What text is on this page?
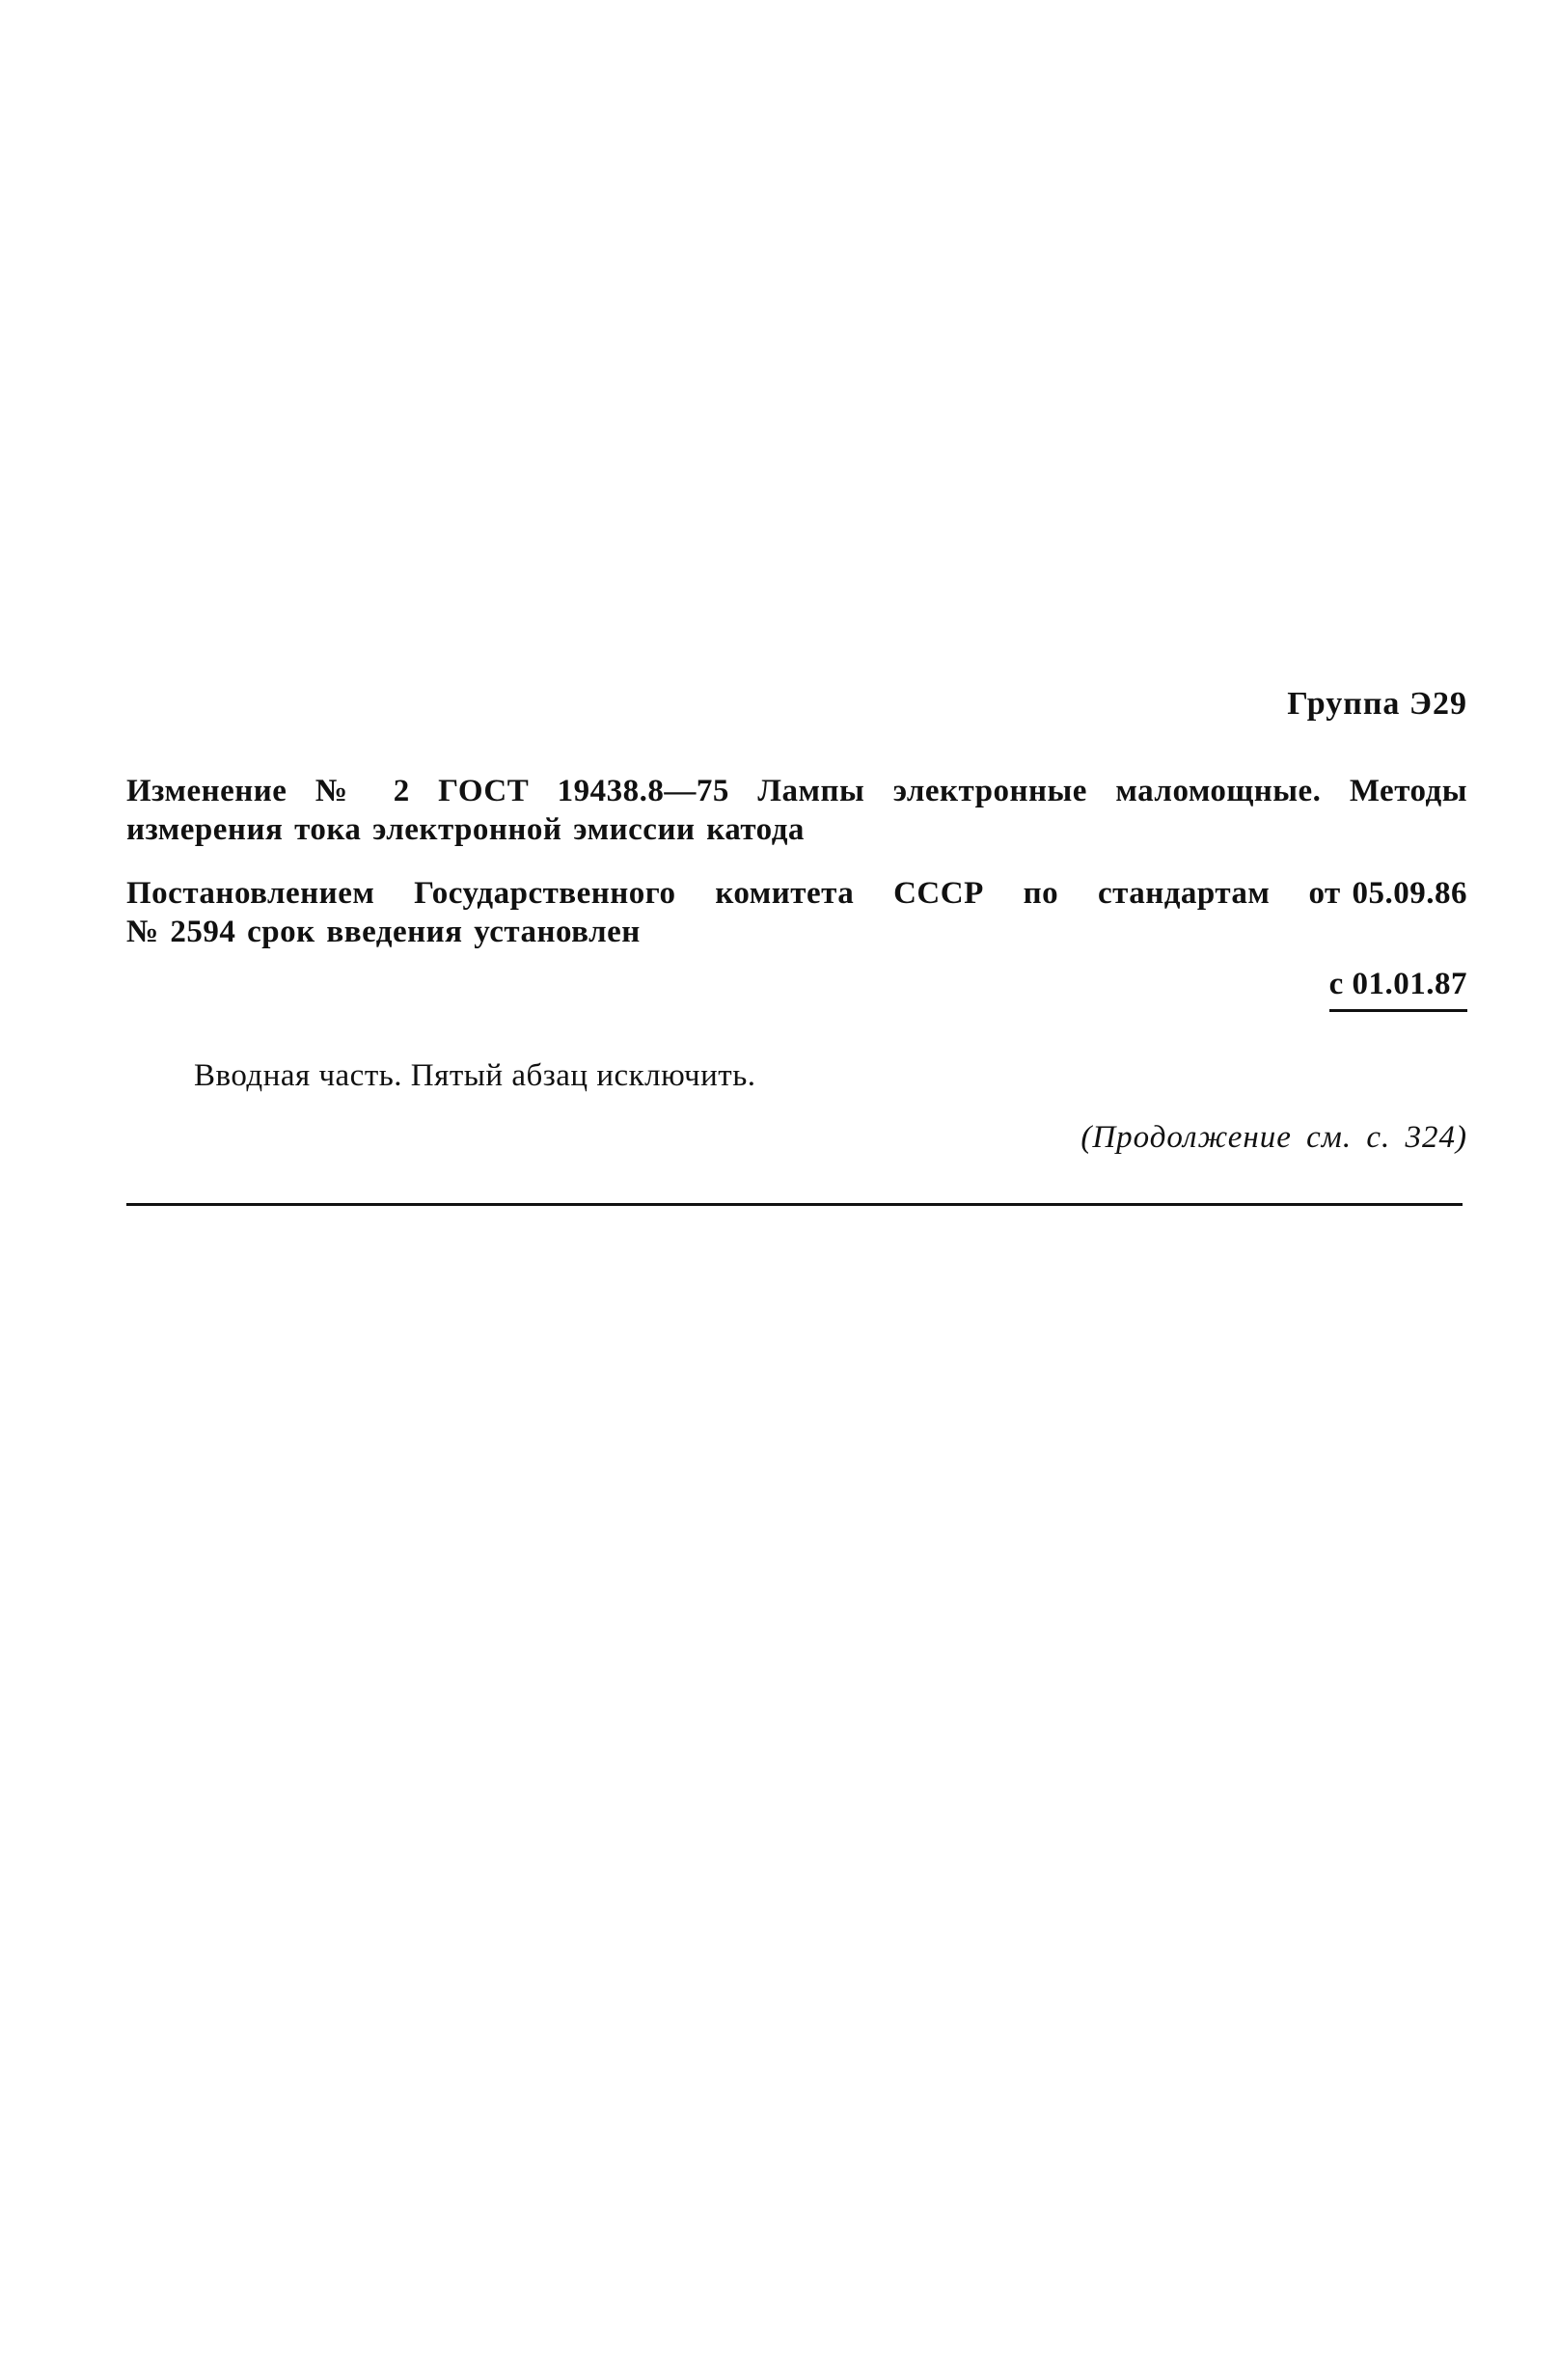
Группа Э29
Изменение № 2 ГОСТ 19438.8—75 Лампы электронные маломощные. Методы измерения тока электронной эмиссии катода
Постановлением Государственного комитета СССР по стандартам от 05.09.86
№ 2594 срок введения установлен
с 01.01.87
Вводная часть. Пятый абзац исключить.
(Продолжение см. с. 324)
